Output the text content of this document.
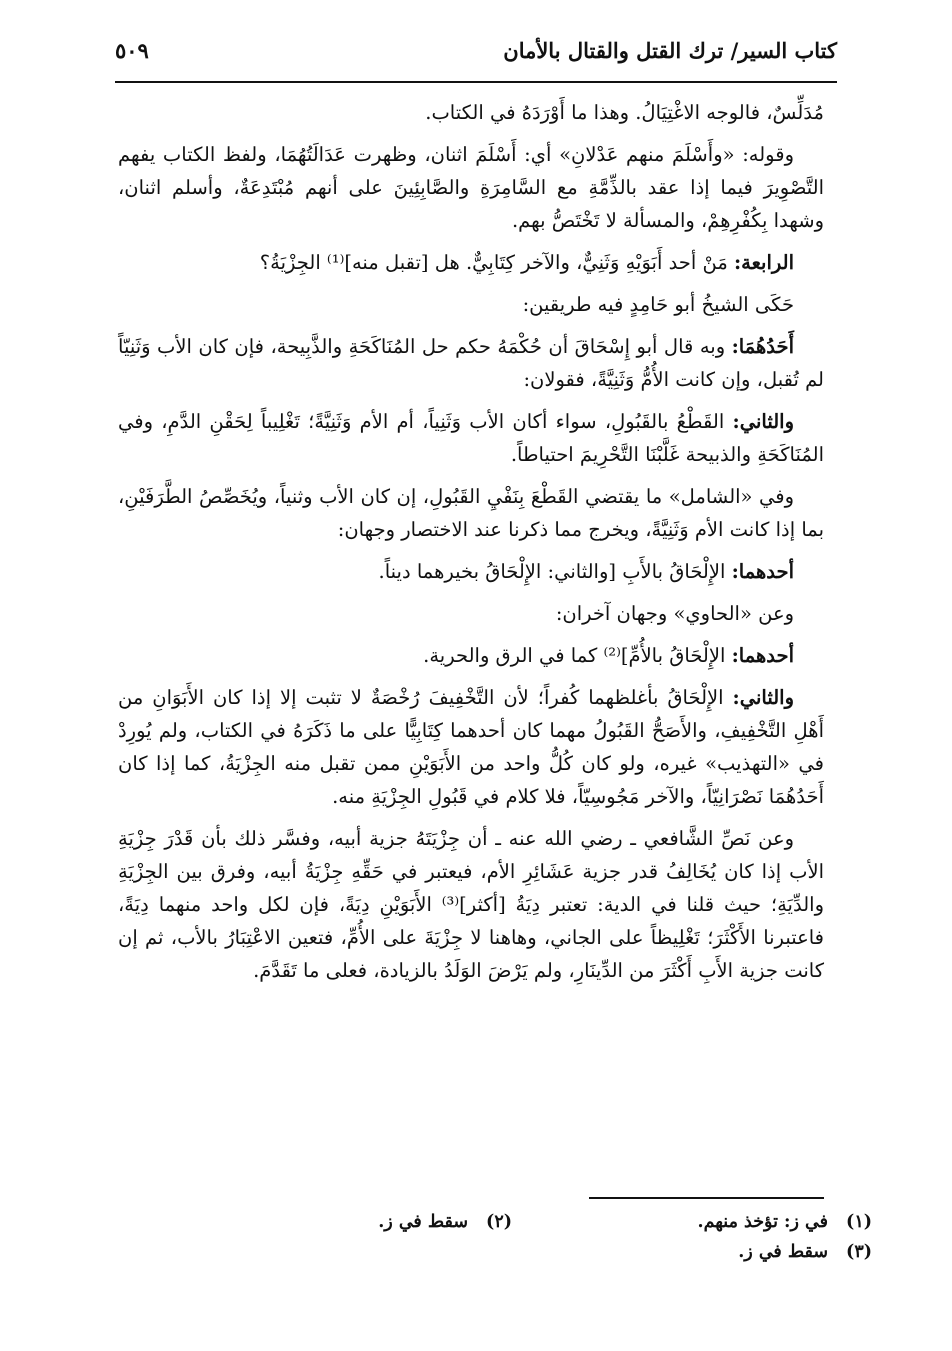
كتاب السير/ ترك القتل والقتال بالأمان
٥٠٩

مُدَلِّسٌ، فالوجه الاغْتِيَالُ. وهذا ما أَوْرَدَهُ في الكتاب.

وقوله: «وأَسْلَمَ منهم عَدْلانِ» أي: أَسْلَمَ اثنان، وظهرت عَدَالَتُهُمَا، ولفظ الكتاب يفهم التَّصْوِيرَ فيما إذا عقد بالذِّمَّةِ مع السَّامِرَةِ والصَّابِئِينَ على أنهم مُبْتَدِعَةٌ، وأسلم اثنان، وشهدا بِكُفْرِهِمْ، والمسألة لا تَخْتَصُّ بهم.

الرابعة: مَنْ أحد أَبَوَيْهِ وَثَنِيٌّ، والآخر كِتَابِيٌّ. هل [تقبل منه]⁽¹⁾ الجِزْيَةُ؟

حَكَى الشيخُ أبو حَامِدٍ فيه طريقين:

أَحَدُهُمَا: وبه قال أبو إِسْحَاقَ أن حُكْمَهُ حكم حل المُنَاكَحَةِ والذَّبِيحة، فإن كان الأب وَثَنِيّاً لم تُقبل، وإن كانت الأُمُّ وَثَنِيَّةً، فقولان:

والثاني: القَطْعُ بالقَبُولِ، سواء أكان الأب وَثَنِياً، أم الأم وَثَنِيَّةً؛ تَغْلِيباً لِحَقْنِ الدَّمِ، وفي المُنَاكَحَةِ والذبيحة غَلَّبْنَا التَّحْرِيمَ احتياطاً.

وفي «الشامل» ما يقتضي القَطْعَ بِنَفْيِ القَبُولِ، إن كان الأب وثنياً، ويُخَصِّصُ الطَّرَفَيْنِ، بما إذا كانت الأم وَثَنِيَّةً، ويخرج مما ذكرنا عند الاختصار وجهان:

أحدهما: الإِلْحَاقُ بالأَبِ [والثاني: الإِلْحَاقُ بخيرهما ديناً.

وعن «الحاوي» وجهان آخران:

أحدهما: الإِلْحَاقُ بالأُمِّ]⁽²⁾ كما في الرق والحرية.

والثاني: الإِلْحَاقُ بأغلظهما كُفراً؛ لأن التَّخْفِيفَ رُخْصَةٌ لا تثبت إلا إذا كان الأَبَوَانِ من أَهْلِ التَّخْفِيفِ، والأَصَحُّ القَبُولُ مهما كان أحدهما كِتَابِيًّا على ما ذَكَرَهُ في الكتاب، ولم يُورِدْ في «التهذيب» غيره، ولو كان كُلُّ واحد من الأَبَوَيْنِ ممن تقبل منه الجِزْيَةُ، كما إذا كان أَحَدُهُمَا نَصْرَانِيّاً، والآخر مَجُوسِيّاً، فلا كلام في قَبُولِ الجِزْيَةِ منه.

وعن نَصِّ الشَّافعي ـ رضي الله عنه ـ أن جِزْيَتَهُ جزية أبيه، وفسَّر ذلك بأن قَدْرَ جِزْيَةِ الأب إذا كان يُخَالِفُ قدر جزية عَشَائِرِ الأم، فيعتبر في حَقِّهِ جِزْيَةُ أبيه، وفرق بين الجِزْيَةِ والدِّيَةِ؛ حيث قلنا في الدية: تعتبر دِيَةُ [أكثر]⁽³⁾ الأَبَوَيْنِ دِيَةً، فإن لكل واحد منهما دِيَةً، فاعتبرنا الأَكْثَرَ؛ تَغْلِيظاً على الجاني، وهاهنا لا جِزْيَةَ على الأُمِّ، فتعين الاعْتِبَارُ بالأب، ثم إن كانت جزية الأَبِ أَكْثَرَ من الدِّينَارِ، ولم يَرْضَ الوَلَدُ بالزيادة، فعلى ما تَقَدَّمَ.

(١)في ز: تؤخذ منهم.
(٢)سقط في ز.
(٣)سقط في ز.
